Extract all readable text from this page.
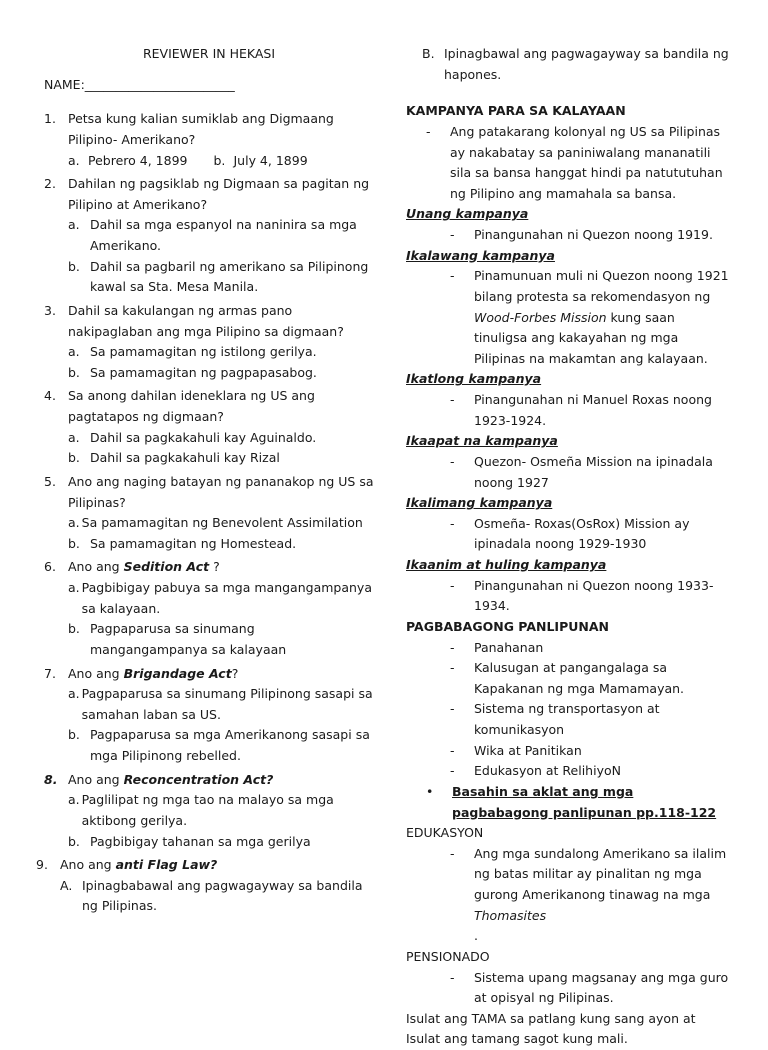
REVIEWER IN HEKASI
NAME:________________________
1. Petsa kung kalian sumiklab ang Digmaang Pilipino- Amerikano?
a. Pebrero 4, 1899 b. July 4, 1899
2. Dahilan ng pagsiklab ng Digmaan sa pagitan ng Pilipino at Amerikano?
a. Dahil sa mga espanyol na naninira sa mga Amerikano.
b. Dahil sa pagbaril ng amerikano sa Pilipinong kawal sa Sta. Mesa Manila.
3. Dahil sa kakulangan ng armas pano nakipaglaban ang mga Pilipino sa digmaan?
a. Sa pamamagitan ng istilong gerilya.
b. Sa pamamagitan ng pagpapasabog.
4. Sa anong dahilan ideneklara ng US ang pagtatapos ng digmaan?
a. Dahil sa pagkakahuli kay Aguinaldo.
b. Dahil sa pagkakahuli kay Rizal
5. Ano ang naging batayan ng pananakop ng US sa Pilipinas?
a. Sa pamamagitan ng Benevolent Assimilation
b. Sa pamamagitan ng Homestead.
6. Ano ang Sedition Act ?
a. Pagbibigay pabuya sa mga mangangampanya sa kalayaan.
b. Pagpaparusa sa sinumang mangangampanya sa kalayaan
7. Ano ang Brigandage Act?
a. Pagpaparusa sa sinumang Pilipinong sasapi sa samahan laban sa US.
b. Pagpaparusa sa mga Amerikanong sasapi sa mga Pilipinong rebelled.
8. Ano ang Reconcentration Act?
a. Paglilipat ng mga tao na malayo sa mga aktibong gerilya.
b. Pagbibigay tahanan sa mga gerilya
9. Ano ang anti Flag Law?
A. Ipinagbabawal ang pagwagayway sa bandila ng Pilipinas.
B. Ipinagbawal ang pagwagayway sa bandila ng hapones.
KAMPANYA PARA SA KALAYAAN
-	Ang patakarang kolonyal ng US sa Pilipinas ay nakabatay sa paniniwalang mananatili sila sa bansa hanggat hindi pa natututuhan ng Pilipino ang mamahala sa bansa.
Unang kampanya
-	Pinangunahan ni Quezon noong 1919.
Ikalawang kampanya
-	Pinamunuan muli ni Quezon noong 1921 bilang protesta sa rekomendasyon ng Wood-Forbes Mission kung saan tinuligsa ang kakayahan ng mga Pilipinas na makamtan ang kalayaan.
Ikatlong kampanya
-	Pinangunahan ni Manuel Roxas noong 1923-1924.
Ikaapat na kampanya
-	Quezon- Osmeña Mission na ipinadala noong 1927
Ikalimang kampanya
-	Osmeña- Roxas(OsRox) Mission ay ipinadala noong 1929-1930
Ikaanim at huling kampanya
-	Pinangunahan ni Quezon noong 1933-1934.
PAGBABAGONG PANLIPUNAN
-	Panahanan
-	Kalusugan at pangangalaga sa Kapakanan ng mga Mamamayan.
-	Sistema ng transportasyon at komunikasyon
-	Wika at Panitikan
-	Edukasyon at RelihiyoN
•	Basahin sa aklat ang mga pagbabagong panlipunan pp.118-122
EDUKASYON
-	Ang mga sundalong Amerikano sa ilalim ng batas militar ay pinalitan ng mga gurong Amerikanong tinawag na mga Thomasites
.
PENSIONADO
-	Sistema upang magsanay ang mga guro at opisyal ng Pilipinas.
Isulat ang TAMA sa patlang kung sang ayon at Isulat ang tamang sagot kung mali.
